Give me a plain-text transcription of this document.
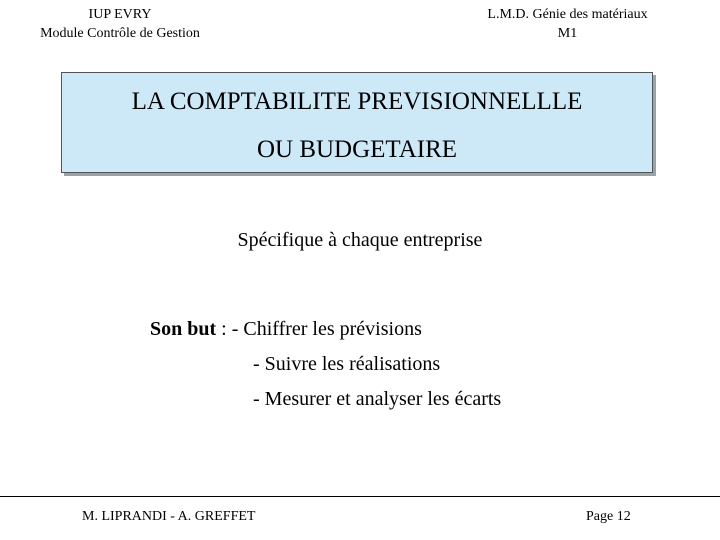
IUP EVRY
Module Contrôle de Gestion
L.M.D. Génie des matériaux
M1
LA COMPTABILITE PREVISIONNELLLE
OU BUDGETAIRE
Spécifique à chaque entreprise
Son but : - Chiffrer les prévisions
- Suivre les réalisations
- Mesurer et analyser les écarts
M. LIPRANDI - A. GREFFET	Page 12
